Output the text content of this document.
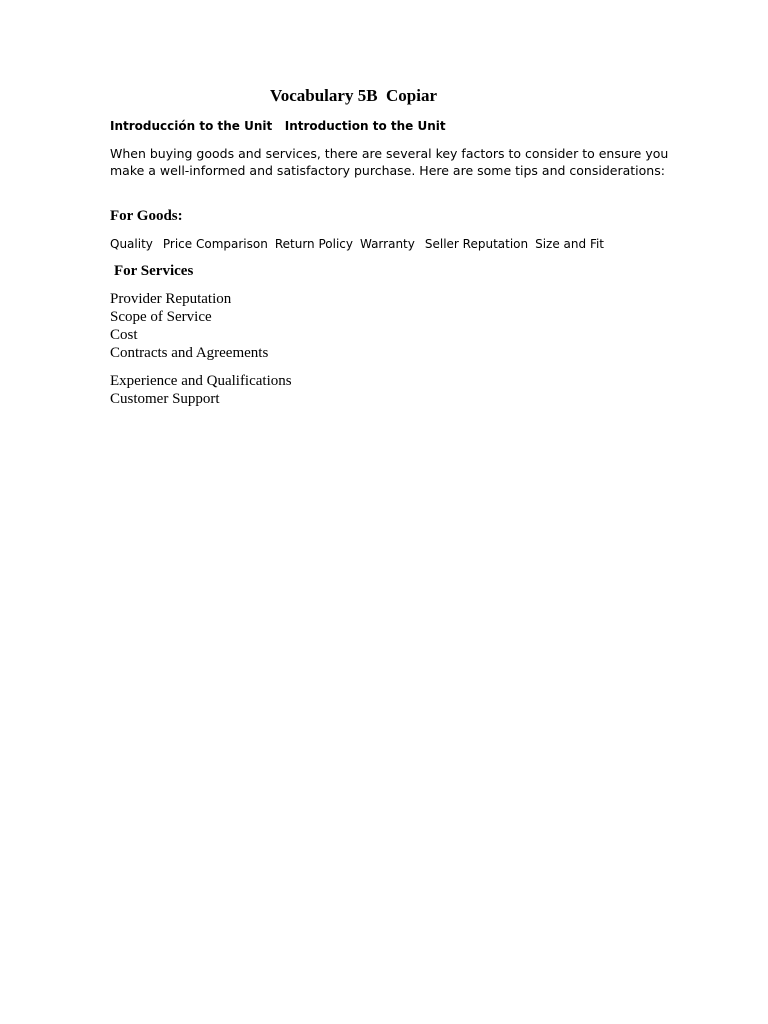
Vocabulary 5B  Copiar
Introducción to the Unit   Introduction to the Unit
When buying goods and services, there are several key factors to consider to ensure you make a well-informed and satisfactory purchase. Here are some tips and considerations:
For Goods:
Quality Price Comparison Return Policy Warranty Seller Reputation Size and Fit
For Services
Provider Reputation
Scope of Service
Cost
Contracts and Agreements
Experience and Qualifications
Customer Support
